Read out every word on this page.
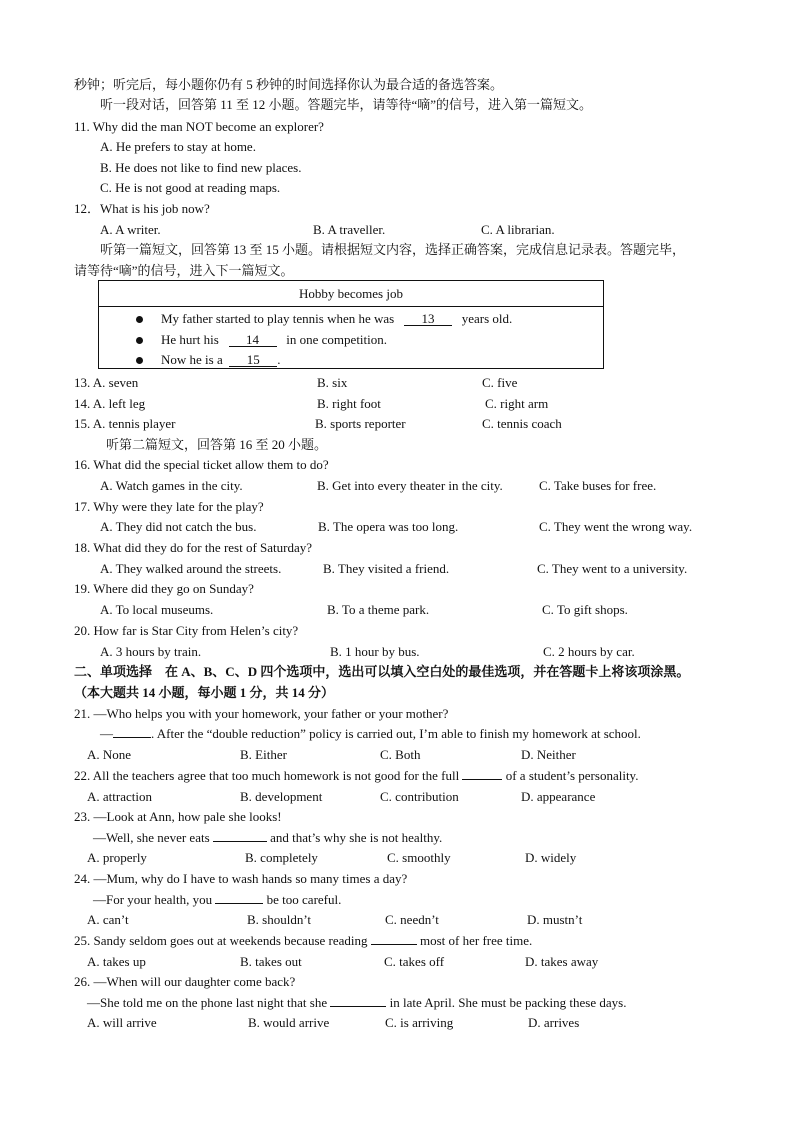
秒钟；听完后，每小题你仍有 5 秒钟的时间选择你认为最合适的备选答案。
听一段对话，回答第 11 至 12 小题。答题完毕，请等待“嘀”的信号，进入第一篇短文。
11. Why did the man NOT become an explorer?
A. He prefers to stay at home.
B. He does not like to find new places.
C. He is not good at reading maps.
12．What is his job now?
A. A writer.	B. A traveller.	C. A librarian.
听第一篇短文，回答第 13 至 15 小题。请根据短文内容，选择正确答案，完成信息记录表。答题完毕，
请等待“嘀”的信号，进入下一篇短文。
Hobby becomes job
My father started to play tennis when he was 13 years old.
He hurt his 14 in one competition.
Now he is a 15 .
13. A. seven	B. six	C. five
14. A. left leg	B. right foot	C. right arm
15. A. tennis player	B. sports reporter	C. tennis coach
听第二篇短文，回答第 16 至 20 小题。
16. What did the special ticket allow them to do?
A. Watch games in the city.	B. Get into every theater in the city.	C. Take buses for free.
17. Why were they late for the play?
A. They did not catch the bus.	B. The opera was too long.	C. They went the wrong way.
18. What did they do for the rest of Saturday?
A. They walked around the streets.	B. They visited a friend.	C. They went to a university.
19. Where did they go on Sunday?
A. To local museums.	B. To a theme park.	C. To gift shops.
20. How far is Star City from Helen’s city?
A. 3 hours by train.	B. 1 hour by bus.	C. 2 hours by car.
二、单项选择　在 A、B、C、D 四个选项中，选出可以填入空白处的最佳选项，并在答题卡上将该项涂黑。
（本大题共 14 小题，每小题 1 分，共 14 分）
21. —Who helps you with your homework, your father or your mother?
—	. After the “double reduction” policy is carried out, I’m able to finish my homework at school.
A. None	B. Either	C. Both	D. Neither
22. All the teachers agree that too much homework is not good for the full	of a student’s personality.
A. attraction	B. development	C. contribution	D. appearance
23. —Look at Ann, how pale she looks!
—Well, she never eats	and that’s why she is not healthy.
A. properly	B. completely	C. smoothly	D. widely
24. —Mum, why do I have to wash hands so many times a day?
—For your health, you	be too careful.
A. can’t	B. shouldn’t	C. needn’t	D. mustn’t
25. Sandy seldom goes out at weekends because reading	most of her free time.
A. takes up	B. takes out	C. takes off	D. takes away
26. —When will our daughter come back?
—She told me on the phone last night that she	in late April. She must be packing these days.
A. will arrive	B. would arrive	C. is arriving	D. arrives
